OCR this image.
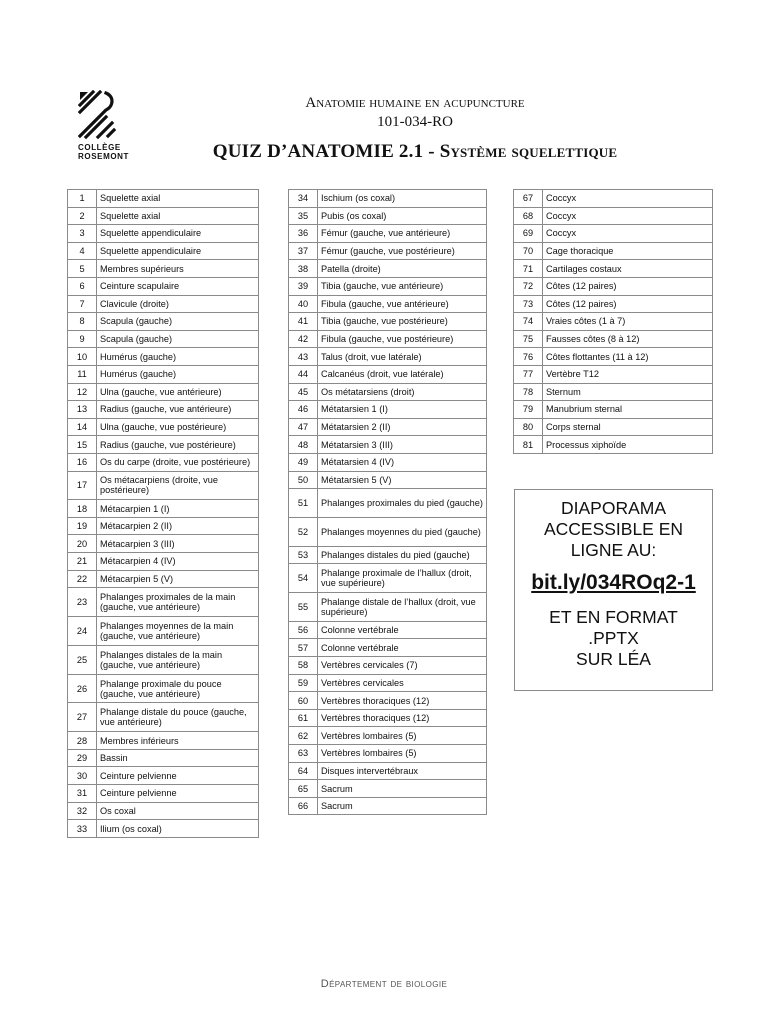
COLLÈGE
ROSEMONT
Anatomie humaine en acupuncture
101-034-RO
QUIZ D’ANATOMIE 2.1 - Système squelettique
1	Squelette axial
2	Squelette axial
3	Squelette appendiculaire
4	Squelette appendiculaire
5	Membres supérieurs
6	Ceinture scapulaire
7	Clavicule (droite)
8	Scapula (gauche)
9	Scapula (gauche)
10	Humérus (gauche)
11	Humérus (gauche)
12	Ulna (gauche, vue antérieure)
13	Radius (gauche, vue antérieure)
14	Ulna (gauche, vue postérieure)
15	Radius (gauche, vue postérieure)
16	Os du carpe (droite, vue postérieure)
17	Os métacarpiens (droite, vue postérieure)
18	Métacarpien 1 (I)
19	Métacarpien 2 (II)
20	Métacarpien 3 (III)
21	Métacarpien 4 (IV)
22	Métacarpien 5 (V)
23	Phalanges proximales de la main (gauche, vue antérieure)
24	Phalanges moyennes de la main (gauche, vue antérieure)
25	Phalanges distales de la main (gauche, vue antérieure)
26	Phalange proximale du pouce (gauche, vue antérieure)
27	Phalange distale du pouce (gauche, vue antérieure)
28	Membres inférieurs
29	Bassin
30	Ceinture pelvienne
31	Ceinture pelvienne
32	Os coxal
33	Ilium (os coxal)
34	Ischium (os coxal)
35	Pubis (os coxal)
36	Fémur (gauche, vue antérieure)
37	Fémur (gauche, vue postérieure)
38	Patella (droite)
39	Tibia (gauche, vue antérieure)
40	Fibula (gauche, vue antérieure)
41	Tibia (gauche, vue postérieure)
42	Fibula (gauche, vue postérieure)
43	Talus (droit, vue latérale)
44	Calcanéus (droit, vue latérale)
45	Os métatarsiens (droit)
46	Métatarsien 1 (I)
47	Métatarsien 2 (II)
48	Métatarsien 3 (III)
49	Métatarsien 4 (IV)
50	Métatarsien 5 (V)
51	Phalanges proximales du pied (gauche)
52	Phalanges moyennes du pied (gauche)
53	Phalanges distales du pied (gauche)
54	Phalange proximale de l’hallux (droit, vue supérieure)
55	Phalange distale de l’hallux (droit, vue supérieure)
56	Colonne vertébrale
57	Colonne vertébrale
58	Vertèbres cervicales (7)
59	Vertèbres cervicales
60	Vertèbres thoraciques (12)
61	Vertèbres thoraciques (12)
62	Vertèbres lombaires (5)
63	Vertèbres lombaires (5)
64	Disques intervertébraux
65	Sacrum
66	Sacrum
67	Coccyx
68	Coccyx
69	Coccyx
70	Cage thoracique
71	Cartilages costaux
72	Côtes (12 paires)
73	Côtes (12 paires)
74	Vraies côtes (1 à 7)
75	Fausses côtes (8 à 12)
76	Côtes flottantes (11 à 12)
77	Vertèbre T12
78	Sternum
79	Manubrium sternal
80	Corps sternal
81	Processus xiphoïde
DIAPORAMA
ACCESSIBLE EN
LIGNE AU:
bit.ly/034ROq2-1
ET EN FORMAT
.PPTX
SUR LÉA
Département de biologie
